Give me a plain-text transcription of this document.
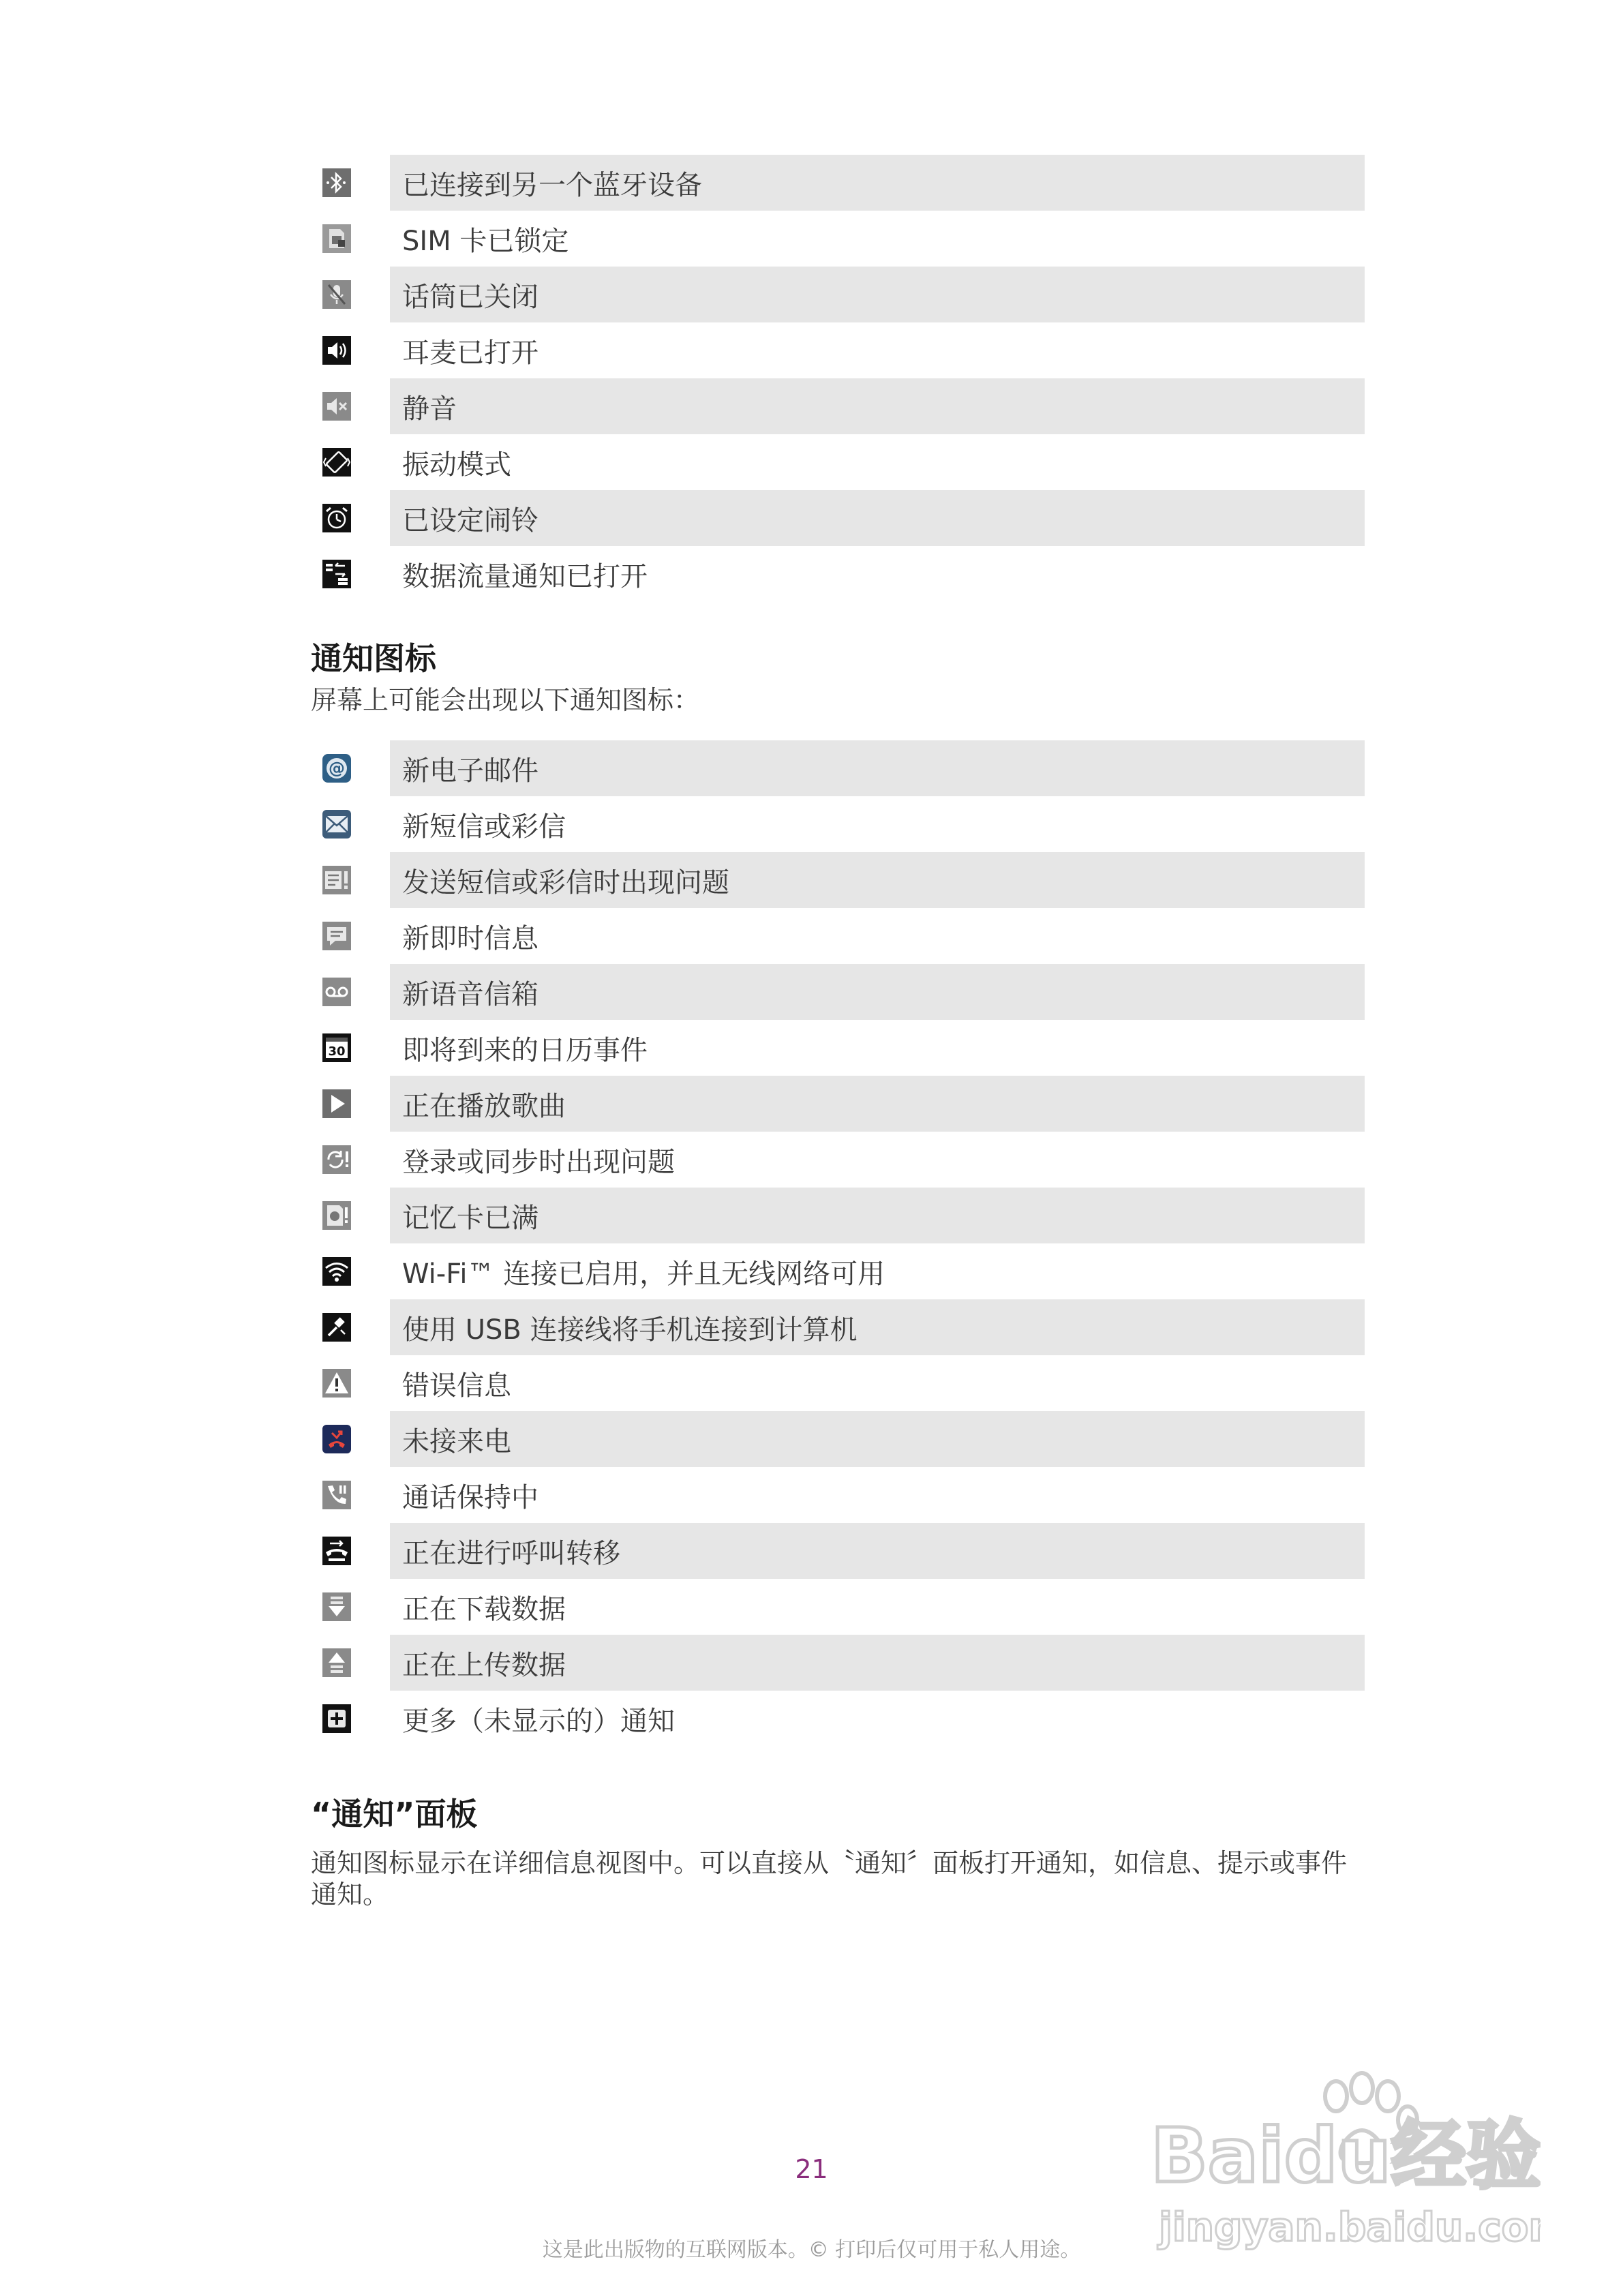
已连接到另一个蓝牙设备
SIM 卡已锁定
话筒已关闭
耳麦已打开
静音
振动模式
已设定闹铃
数据流量通知已打开
通知图标
屏幕上可能会出现以下通知图标：
@	新电子邮件
新短信或彩信
发送短信或彩信时出现问题
新即时信息
新语音信箱
30	即将到来的日历事件
正在播放歌曲
登录或同步时出现问题
记忆卡已满
Wi-Fi™ 连接已启用，并且无线网络可用
使用 USB 连接线将手机连接到计算机
错误信息
未接来电
通话保持中
正在进行呼叫转移
正在下载数据
正在上传数据
更多（未显示的）通知
“通知”面板
通知图标显示在详细信息视图中。可以直接从〝通知〞面板打开通知，如信息、提示或事件通知。
21
这是此出版物的互联网版本。© 打印后仅可用于私人用途。
Baidu经验
jingyan.baidu.com
